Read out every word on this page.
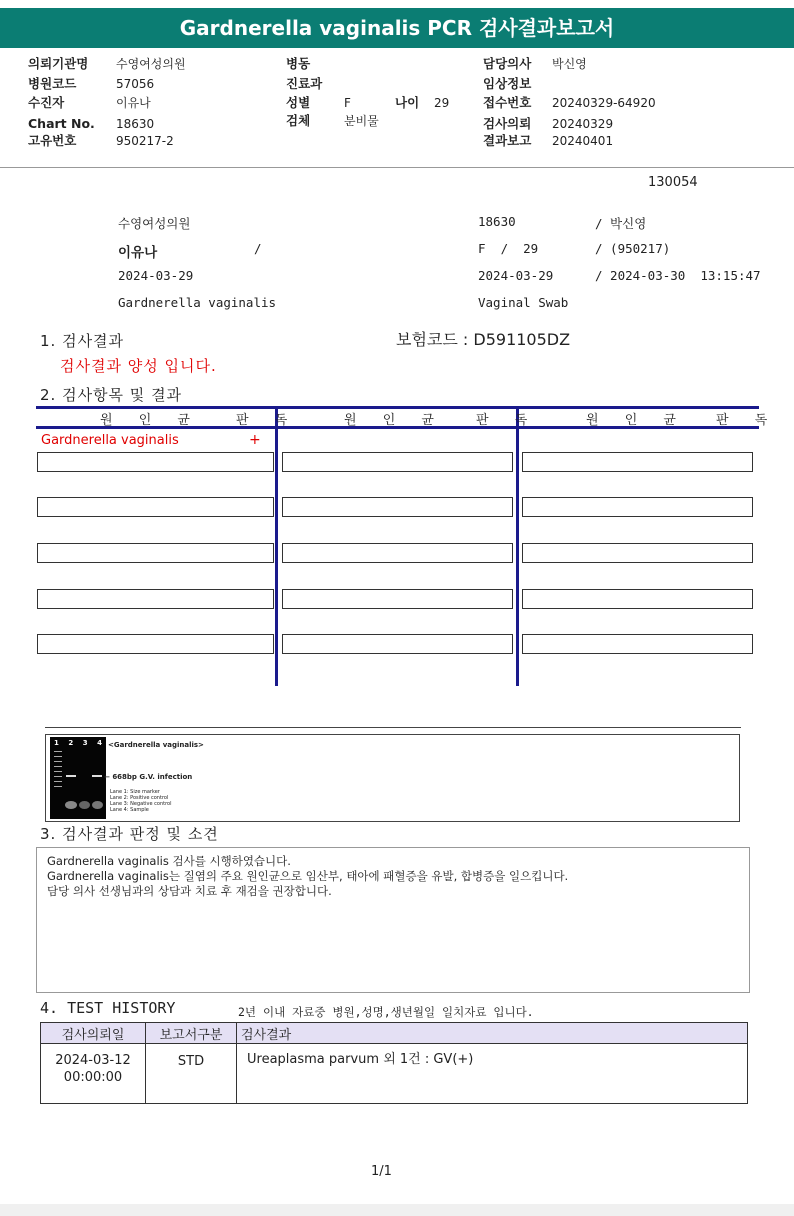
Gardnerella vaginalis PCR 검사결과보고서
의뢰기관명 수영여성의원
병원코드	57056
수진자	이유나
Chart No. 18630
고유번호	950217-2
병동
진료과
성별	F	나이 29
검체	분비물
담당의사 박신영
임상정보
접수번호 20240329-64920
검사의뢰 20240329
결과보고 20240401
130054
수영여성의원	18630	/ 박신영
이유나	/	F  /  29	/ (950217)
2024-03-29	2024-03-29	/ 2024-03-30  13:15:47
Gardnerella vaginalis	Vaginal Swab
1. 검사결과	보험코드 : D591105DZ
검사결과 양성 입니다.
2. 검사항목 및 결과
원 인 균	판 독	원 인 균 판 독	원 인 균 판 독
Gardnerella vaginalis	+
1 2 3 4 <Gardnerella vaginalis>
← 668bp G.V. infection
Lane 1: Size marker
Lane 2: Positive control
Lane 3: Negative control
Lane 4: Sample
3. 검사결과 판정 및 소견
Gardnerella vaginalis 검사를 시행하였습니다.
Gardnerella vaginalis는 질염의 주요 원인균으로 임산부, 태아에 패혈증을 유발, 합병증을 일으킵니다.
담당 의사 선생님과의 상담과 치료 후 재검을 권장합니다.
4. TEST HISTORY	2년 이내 자료중 병원,성명,생년월일 일치자료 입니다.
검사의뢰일	보고서구분	검사결과

2024-03-12
00:00:00	STD	Ureaplasma parvum 외 1건 : GV(+)
1/1
